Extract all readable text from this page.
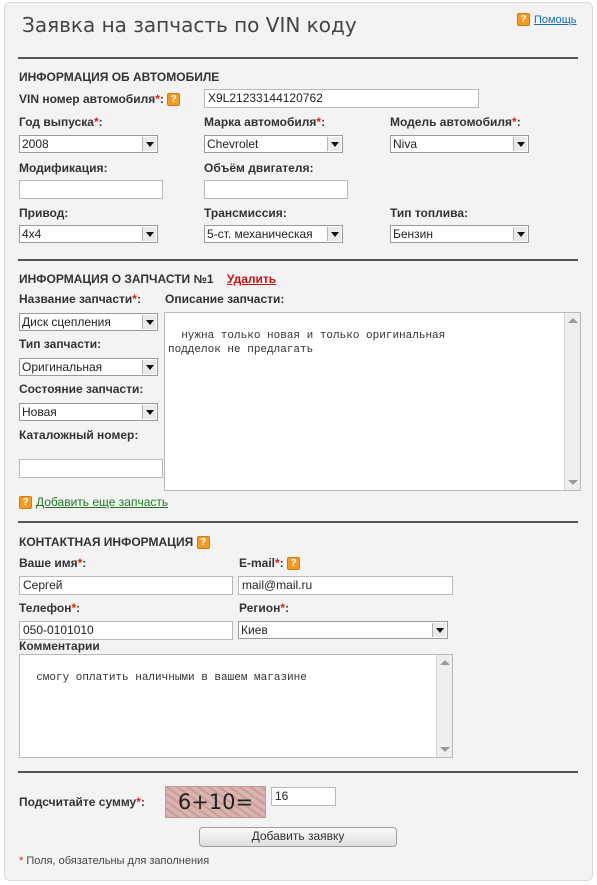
Заявка на запчасть по VIN коду	? Помощь
ИНФОРМАЦИЯ ОБ АВТОМОБИЛЕ
VIN номер автомобиля*: ?	X9L21233144120762
Год выпуска*:
2008
Марка автомобиля*:
Chevrolet
Модель автомобиля*:
Niva
Модификация:	Объём двигателя:
Привод:
4x4
Трансмиссия:
5-ст. механическая
Тип топлива:
Бензин
ИНФОРМАЦИЯ О ЗАПЧАСТИ №1 Удалить
Название запчасти*:
Диск сцепления
Описание запчасти:

нужна только новая и только оригинальная
подделок не предлагать

Тип запчасти:
Оригинальная
Состояние запчасти:
Новая
Каталожный номер:
? Добавить еще запчасть
КОНТАКТНАЯ ИНФОРМАЦИЯ ?
Ваше имя*:
Сергей
E-mail*: ?
mail@mail.ru
Телефон*:
050-0101010
Регион*:
Киев
Комментарии

смогу оплатить наличными в вашем магазине

Подсчитайте сумму*:	6+10=	16
Добавить заявку
* Поля, обязательны для заполнения
